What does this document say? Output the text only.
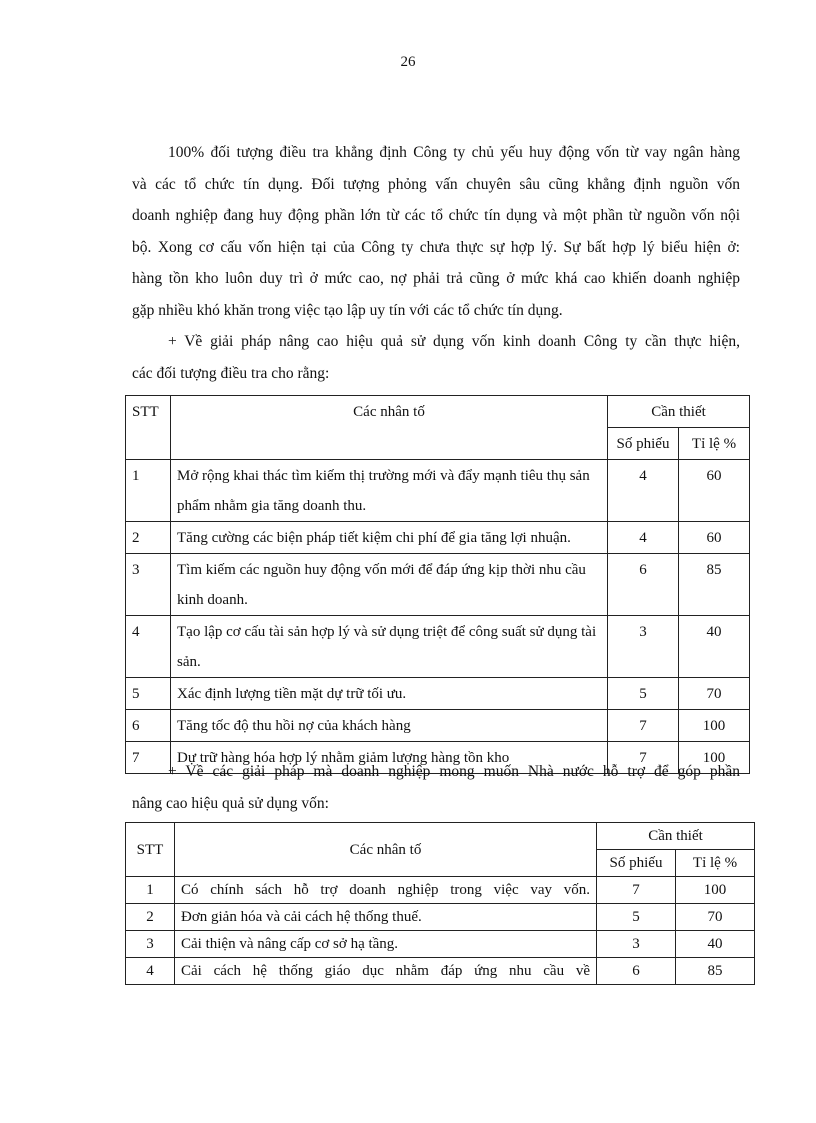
26
100% đối tượng điều tra khẳng định Công ty chủ yếu huy động vốn từ vay ngân hàng
và các tổ chức tín dụng. Đối tượng phỏng vấn chuyên sâu cũng khẳng định nguồn vốn
doanh nghiệp đang huy động phần lớn từ các tổ chức tín dụng và một phần từ nguồn vốn nội
bộ. Xong cơ cấu vốn hiện tại của Công ty chưa thực sự hợp lý. Sự bất hợp lý biểu hiện ở:
hàng tồn kho luôn duy trì ở mức cao, nợ phải trả cũng ở mức khá cao khiến doanh nghiệp
gặp nhiều khó khăn trong việc tạo lập uy tín với các tổ chức tín dụng.
+ Về giải pháp nâng cao hiệu quả sử dụng vốn kinh doanh Công ty cần thực hiện,
các đối tượng điều tra cho rằng:
STT	Các nhân tố	Cần thiết	
		Số phiếu	Tỉ lệ %
1	Mở rộng khai thác tìm kiếm thị trường mới và đẩy mạnh tiêu thụ sản phẩm nhằm gia tăng doanh thu.	4	60
2	Tăng cường các biện pháp tiết kiệm chi phí để gia tăng lợi nhuận.	4	60
3	Tìm kiếm các nguồn huy động vốn mới để đáp ứng kịp thời nhu cầu kinh doanh.	6	85
4	Tạo lập cơ cấu tài sản hợp lý và sử dụng triệt để công suất sử dụng tài sản.	3	40
5	Xác định lượng tiền mặt dự trữ tối ưu.	5	70
6	Tăng tốc độ thu hồi nợ của khách hàng	7	100
7	Dự trữ hàng hóa hợp lý nhằm giảm lượng hàng tồn kho	7	100
+ Về các giải pháp mà doanh nghiệp mong muốn Nhà nước hỗ trợ để góp phần
nâng cao hiệu quả sử dụng vốn:
STT	Các nhân tố	Cần thiết	
		Số phiếu	Tỉ lệ %
1	Có chính sách hỗ trợ doanh nghiệp trong việc vay vốn.	7	100
2	Đơn giản hóa và cải cách hệ thống thuế.	5	70
3	Cải thiện và nâng cấp cơ sở hạ tầng.	3	40
4	Cải cách hệ thống giáo dục nhằm đáp ứng nhu cầu về	6	85
